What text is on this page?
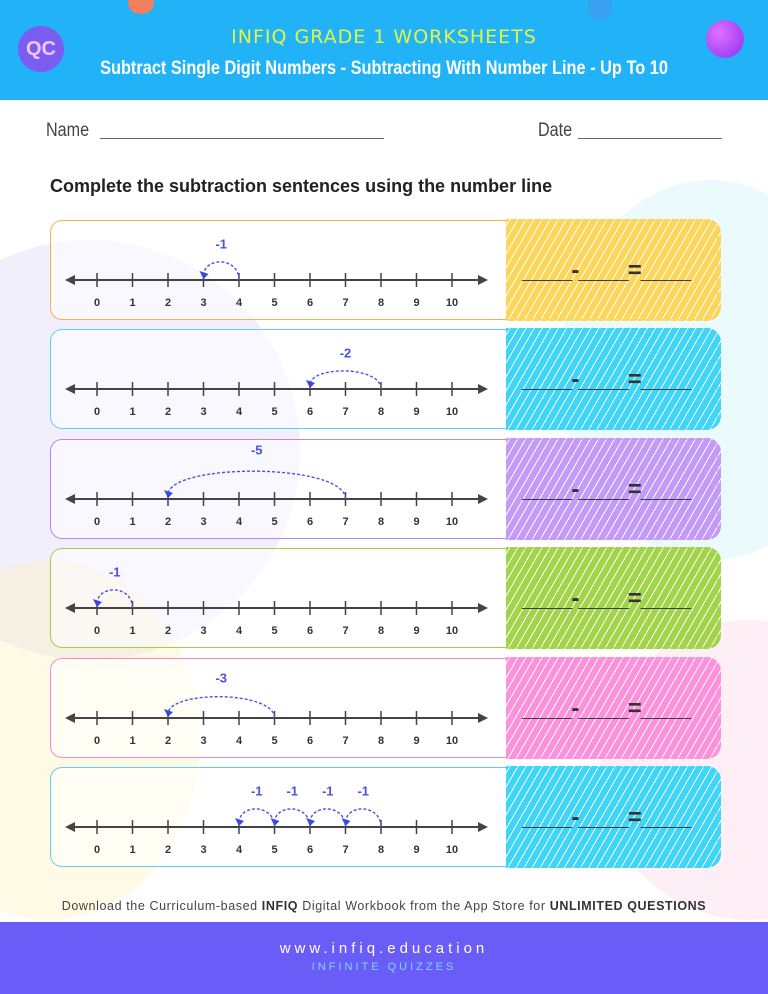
QC
INFIQ GRADE 1 WORKSHEETS
Subtract Single Digit Numbers - Subtracting With Number Line - Up To 10
Name	Date
Complete the subtraction sentences using the number line
0	1	2	3	4	5	6	7	8	9 10
-1
____-____=____
0	1	2	3	4	5	6	7	8	9 10
-2
____-____=____
0	1	2	3	4	5	6	7	8	9 10
-5
____-____=____
0	1	2	3	4	5	6	7	8	9 10
-1
____-____=____
0	1	2	3	4	5	6	7	8	9 10
-3
____-____=____
0	1	2	3	4	5	6	7	8	9 10
-1
-1
-1
-1
____-____=____
Download the Curriculum-based INFIQ Digital Workbook from the App Store for UNLIMITED QUESTIONS
www.infiq.education
INFINITE QUIZZES
